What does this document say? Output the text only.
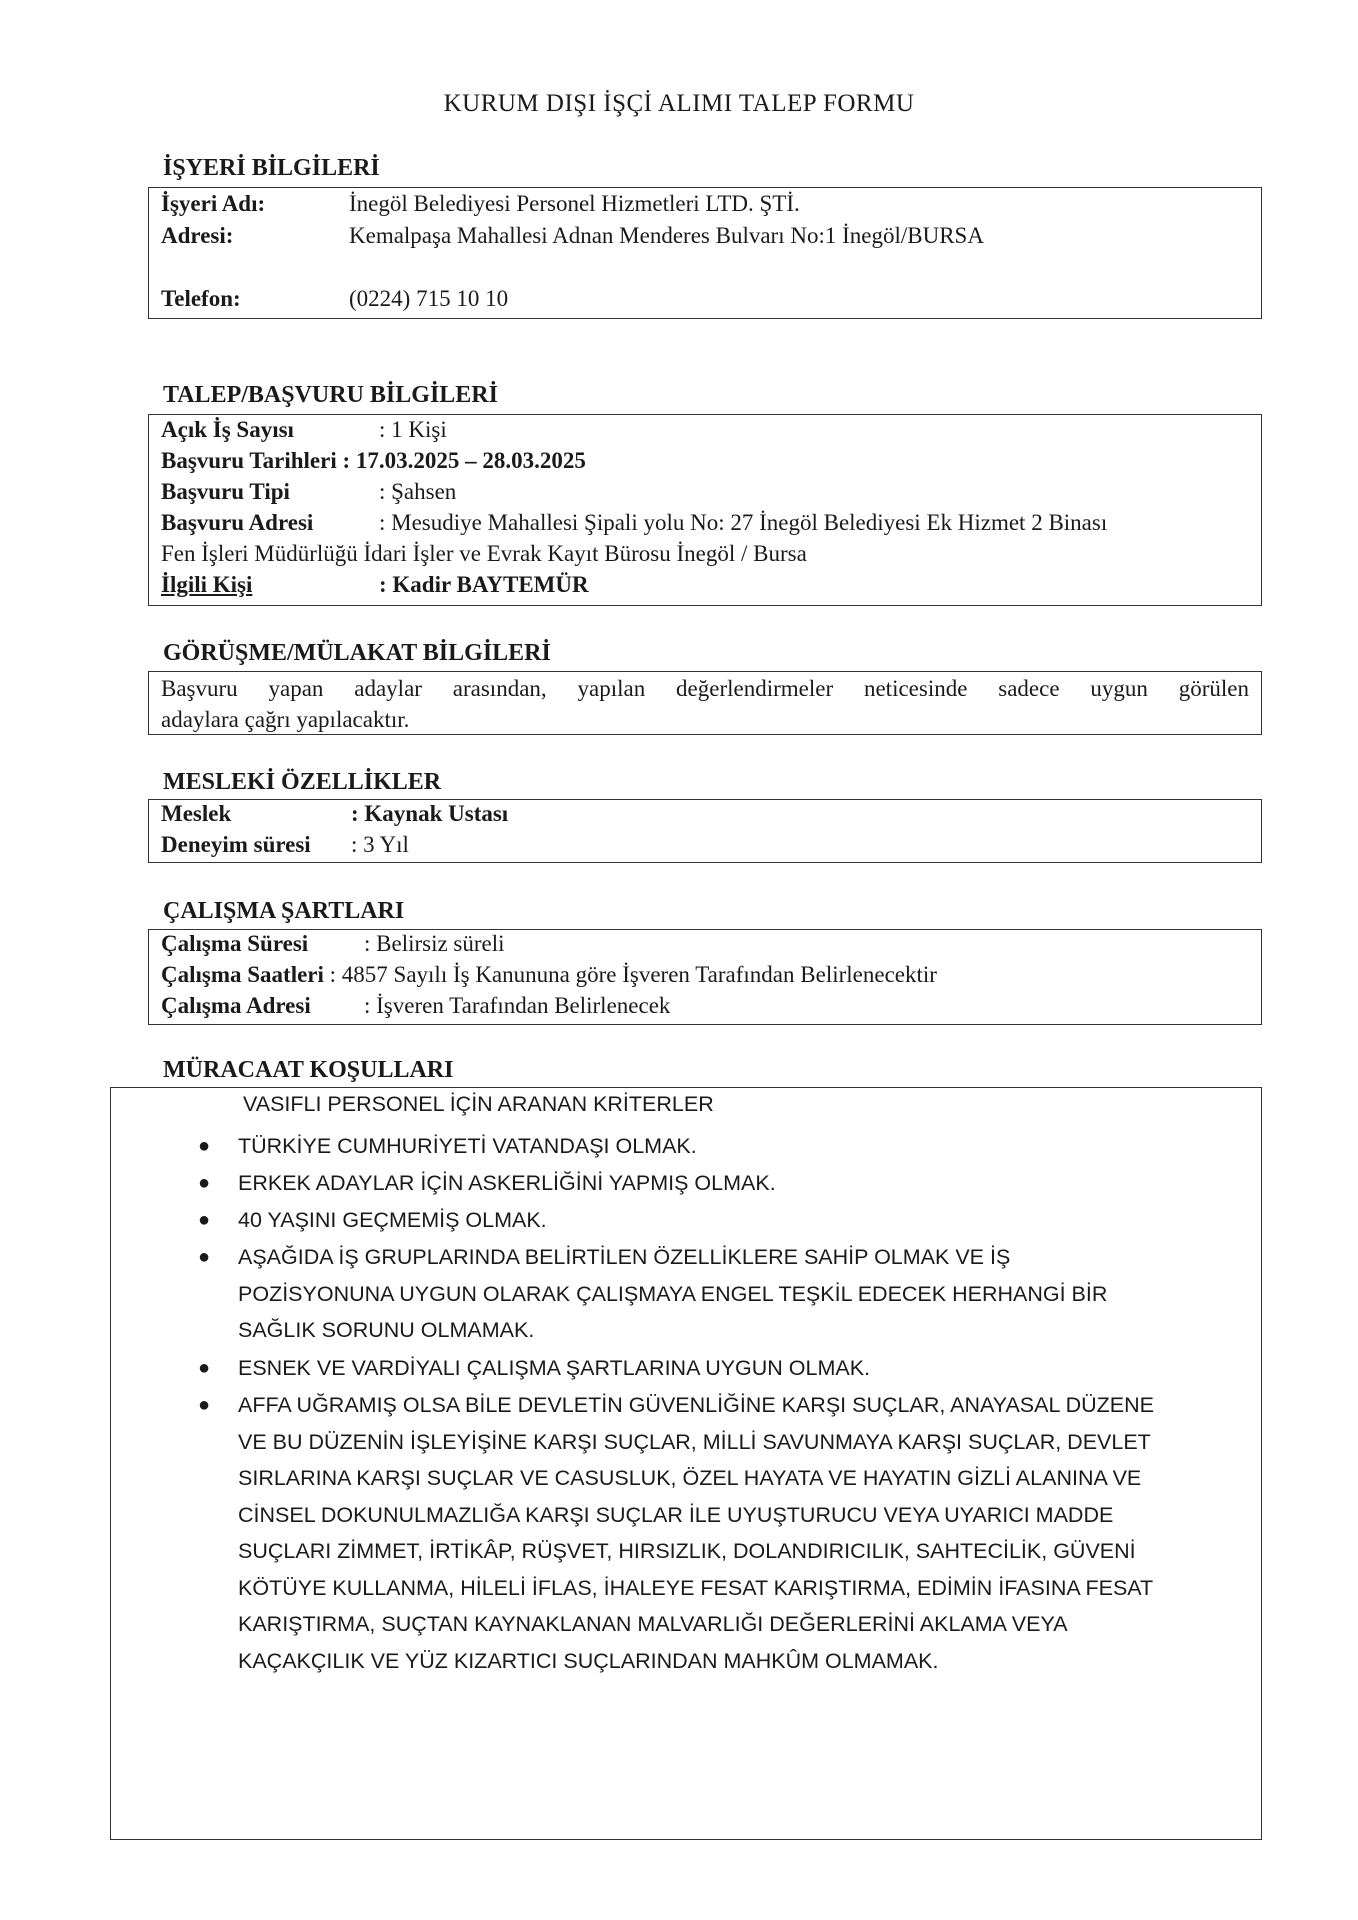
KURUM DIŞI İŞÇİ ALIMI TALEP FORMU
İŞYERİ BİLGİLERİ
İşyeri Adı:	İnegöl Belediyesi Personel Hizmetleri LTD. ŞTİ.
Adresi:	Kemalpaşa Mahallesi Adnan Menderes Bulvarı No:1 İnegöl/BURSA
Telefon:	(0224) 715 10 10
TALEP/BAŞVURU BİLGİLERİ
Açık İş Sayısı	: 1 Kişi
Başvuru Tarihleri : 17.03.2025 – 28.03.2025
Başvuru Tipi	: Şahsen
Başvuru Adresi	: Mesudiye Mahallesi Şipali yolu No: 27 İnegöl Belediyesi Ek Hizmet 2 Binası
Fen İşleri Müdürlüğü İdari İşler ve Evrak Kayıt Bürosu İnegöl / Bursa
İlgili Kişi	: Kadir BAYTEMÜR
GÖRÜŞME/MÜLAKAT BİLGİLERİ
Başvuru yapan adaylar arasından, yapılan değerlendirmeler neticesinde sadece uygun görülen
adaylara çağrı yapılacaktır.
MESLEKİ ÖZELLİKLER
Meslek	: Kaynak Ustası
Deneyim süresi : 3 Yıl
ÇALIŞMA ŞARTLARI
Çalışma Süresi : Belirsiz süreli
Çalışma Saatleri : 4857 Sayılı İş Kanununa göre İşveren Tarafından Belirlenecektir
Çalışma Adresi : İşveren Tarafından Belirlenecek
MÜRACAAT KOŞULLARI
VASIFLI PERSONEL İÇİN ARANAN KRİTERLER
● TÜRKİYE CUMHURİYETİ VATANDAŞI OLMAK.
● ERKEK ADAYLAR İÇİN ASKERLİĞİNİ YAPMIŞ OLMAK.
● 40 YAŞINI GEÇMEMİŞ OLMAK.
● AŞAĞIDA İŞ GRUPLARINDA BELİRTİLEN ÖZELLİKLERE SAHİP OLMAK VE İŞ
POZİSYONUNA UYGUN OLARAK ÇALIŞMAYA ENGEL TEŞKİL EDECEK HERHANGİ BİR
SAĞLIK SORUNU OLMAMAK.
● ESNEK VE VARDİYALI ÇALIŞMA ŞARTLARINA UYGUN OLMAK.
● AFFA UĞRAMIŞ OLSA BİLE DEVLETİN GÜVENLİĞİNE KARŞI SUÇLAR, ANAYASAL DÜZENE
VE BU DÜZENİN İŞLEYİŞİNE KARŞI SUÇLAR, MİLLİ SAVUNMAYA KARŞI SUÇLAR, DEVLET
SIRLARINA KARŞI SUÇLAR VE CASUSLUK, ÖZEL HAYATA VE HAYATIN GİZLİ ALANINA VE
CİNSEL DOKUNULMAZLIĞA KARŞI SUÇLAR İLE UYUŞTURUCU VEYA UYARICI MADDE
SUÇLARI ZİMMET, İRTİKÂP, RÜŞVET, HIRSIZLIK, DOLANDIRICILIK, SAHTECİLİK, GÜVENİ
KÖTÜYE KULLANMA, HİLELİ İFLAS, İHALEYE FESAT KARIŞTIRMA, EDİMİN İFASINA FESAT
KARIŞTIRMA, SUÇTAN KAYNAKLANAN MALVARLIĞI DEĞERLERİNİ AKLAMA VEYA
KAÇAKÇILIK VE YÜZ KIZARTICI SUÇLARINDAN MAHKÛM OLMAMAK.
